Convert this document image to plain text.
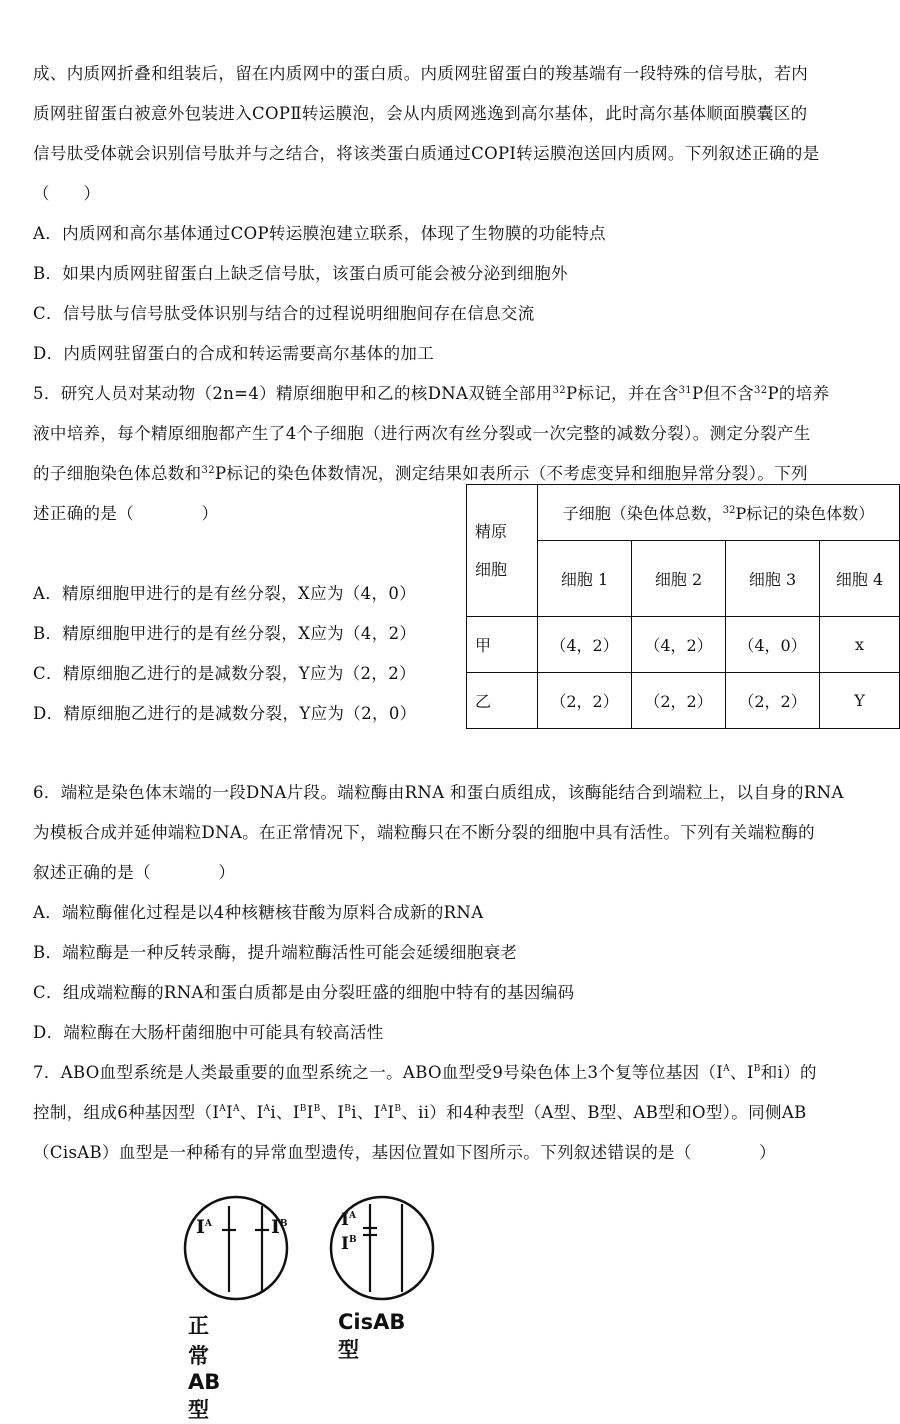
成、内质网折叠和组装后，留在内质网中的蛋白质。内质网驻留蛋白的羧基端有一段特殊的信号肽，若内
质网驻留蛋白被意外包装进入COPⅡ转运膜泡，会从内质网逃逸到高尔基体，此时高尔基体顺面膜囊区的
信号肽受体就会识别信号肽并与之结合，将该类蛋白质通过COPI转运膜泡送回内质网。下列叙述正确的是
（　　）
A．内质网和高尔基体通过COP转运膜泡建立联系，体现了生物膜的功能特点
B．如果内质网驻留蛋白上缺乏信号肽，该蛋白质可能会被分泌到细胞外
C．信号肽与信号肽受体识别与结合的过程说明细胞间存在信息交流
D．内质网驻留蛋白的合成和转运需要高尔基体的加工
5．研究人员对某动物（2n=4）精原细胞甲和乙的核DNA双链全部用$^{32}$P标记，并在含$^{31}$P但不含$^{32}$P的培养
液中培养，每个精原细胞都产生了4个子细胞（进行两次有丝分裂或一次完整的减数分裂）。测定分裂产生
的子细胞染色体总数和$^{32}$P标记的染色体数情况，测定结果如表所示（不考虑变异和细胞异常分裂）。下列
述正确的是（　　　　）
A．精原细胞甲进行的是有丝分裂，X应为（4，0）
B．精原细胞甲进行的是有丝分裂，X应为（4，2）
C．精原细胞乙进行的是减数分裂，Y应为（2，2）
D．精原细胞乙进行的是减数分裂，Y应为（2，0）
精原
细胞	子细胞（染色体总数，$^{32}$P标记的染色体数）			
	细胞 1	细胞 2	细胞 3	细胞 4
甲	（4，2）	（4，2）	（4，0）	x
乙	（2，2）	（2，2）	（2，2）	Y
6．端粒是染色体末端的一段DNA片段。端粒酶由RNA 和蛋白质组成，该酶能结合到端粒上，以自身的RNA
为模板合成并延伸端粒DNA。在正常情况下，端粒酶只在不断分裂的细胞中具有活性。下列有关端粒酶的
叙述正确的是（　　　　）
A．端粒酶催化过程是以4种核糖核苷酸为原料合成新的RNA
B．端粒酶是一种反转录酶，提升端粒酶活性可能会延缓细胞衰老
C．组成端粒酶的RNA和蛋白质都是由分裂旺盛的细胞中特有的基因编码
D．端粒酶在大肠杆菌细胞中可能具有较高活性
7．ABO血型系统是人类最重要的血型系统之一。ABO血型受9号染色体上3个复等位基因（$I^A$、$I^B$和i）的
控制，组成6种基因型（$I^AI^A$、$I^Ai$、$I^BI^B$、$I^Bi$、$I^AI^B$、ii）和4种表型（A型、B型、AB型和O型）。同侧AB
（CisAB）血型是一种稀有的异常血型遗传，基因位置如下图所示。下列叙述错误的是（　　　　）
$I^A$	$I^B$	$I^A$
$I^B$
正常AB型
CisAB型
